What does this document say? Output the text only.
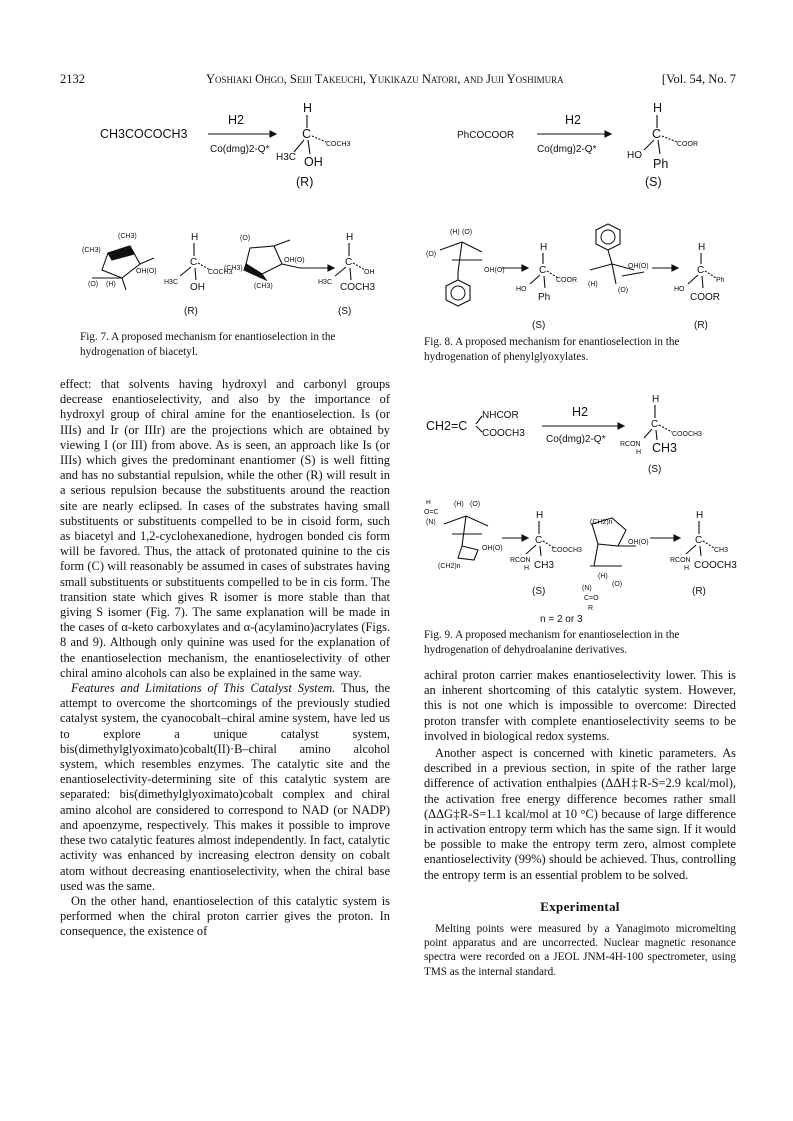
2132	Yoshiaki Ohgo, Seiji Takeuchi, Yukikazu Natori, and Juji Yoshimura	[Vol. 54, No. 7
CH3COCOCH3
H2
Co(dmg)2-Q*
H
C
COCH3
H3C OH
(R)
PhCOCOOR
H2
Co(dmg)2-Q*
H
C
COOR
HO
Ph
(S)
(CH3)
(CH3)
OH(O)
(O) (H)
H
C
COCH3
H3C OH
(R)
(O)
(CH3)
OH(O)
(CH3)
H
C
OH
H3C COCH3
(S)
Fig. 7. A proposed mechanism for enantioselection in the hydrogenation of biacetyl.
(H) (O)
(O)
OH(O)
H
C
COOR
HO
Ph
(S)
OH(O)
(H)
(O)
H
C
Ph
HO
COOR
(R)
Fig. 8. A proposed mechanism for enantioselection in the hydrogenation of phenylglyoxylates.
NHCOR
CH2=C
COOCH3
H2
Co(dmg)2-Q*
H
C
COOCH3
RCON
H CH3
(S)
R
O=C
(N)
(H) (O)
OH(O)
(CH2)n
H
C
COOCH3
RCON
H CH3
(S)
(CH2)n
OH(O)
(H)
(O)
(N)
C=O
R
H
C
CH3
RCON
H COOCH3
(R)
n = 2 or 3
Fig. 9. A proposed mechanism for enantioselection in the hydrogenation of dehydroalanine derivatives.

effect: that solvents having hydroxyl and carbonyl groups decrease enantioselectivity, and also by the importance of hydroxyl group of chiral amine for the enantioselection. Is (or IIIs) and Ir (or IIIr) are the projections which are obtained by viewing I (or III) from above. As is seen, an approach like Is (or IIIs) which gives the predominant enantiomer (S) is well fitting and has no substantial repulsion, while the other (R) will result in a serious repulsion because the substituents around the reaction site are nearly eclipsed. In cases of the substrates having small substituents or substituents compelled to be in cisoid form, such as biacetyl and 1,2-cyclohexanedione, hydrogen bonded cis form will be favored. Thus, the attack of protonated quinine to the cis form (C) will reasonably be assumed in cases of substrates having small substituents or substituents compelled to be in cis form. The transition state which gives R isomer is more stable than that giving S isomer (Fig. 7). The same explanation will be made in the cases of α-keto carboxylates and α-(acylamino)acrylates (Figs. 8 and 9). Although only quinine was used for the explanation of the enantioselection mechanism, the enantioselectivity of other chiral amino alcohols can also be explained in the same way.

Features and Limitations of This Catalyst System. Thus, the attempt to overcome the shortcomings of the previously studied catalyst system, the cyanocobalt–chiral amine system, have led us to explore a unique catalyst system, bis(dimethylglyoximato)cobalt(II)·B–chiral amino alcohol system, which resembles enzymes. The catalytic site and the enantioselectivity-determining site of this catalytic system are separated: bis(dimethylglyoximato)cobalt complex and chiral amino alcohol are considered to correspond to NAD (or NADP) and apoenzyme, respectively. This makes it possible to improve these two catalytic features almost independently. In fact, catalytic activity was enhanced by increasing electron density on cobalt atom without decreasing enantioselectivity, when the chiral base used was the same.

On the other hand, enantioselection of this catalytic system is performed when the chiral proton carrier gives the proton. In consequence, the existence of

achiral proton carrier makes enantioselectivity lower. This is an inherent shortcoming of this catalytic system. However, this is not one which is impossible to overcome: Directed proton transfer with complete enantioselectivity seems to be involved in biological redox systems.

Another aspect is concerned with kinetic parameters. As described in a previous section, in spite of the rather large difference of activation enthalpies (ΔΔH‡R-S=2.9 kcal/mol), the activation free energy difference becomes rather small (ΔΔG‡R-S=1.1 kcal/mol at 10 °C) because of large difference in activation entropy term which has the same sign. If it would be possible to make the entropy term zero, almost complete enantioselectivity (99%) should be achieved. Thus, controlling the entropy term is an essential problem to be solved.

Experimental

Melting points were measured by a Yanagimoto micromelting point apparatus and are uncorrected. Nuclear magnetic resonance spectra were recorded on a JEOL JNM-4H-100 spectrometer, using TMS as the internal standard.
